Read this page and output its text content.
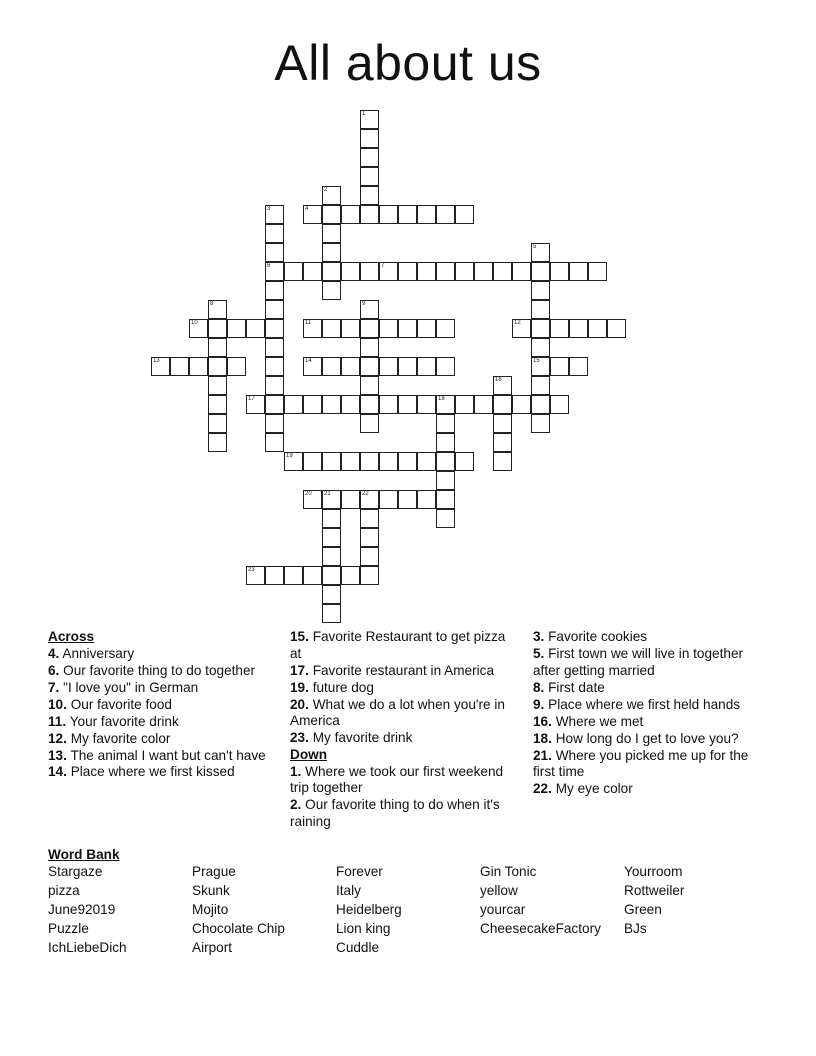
All about us
1
2
3
6
4
5
15
7
8	9
10	11	12
13	14
16
17	18
19
20 21	22
23
Across
4. Anniversary
6. Our favorite thing to do together
7. "I love you" in German
10. Our favorite food
11. Your favorite drink
12. My favorite color
13. The animal I want but can't have
14. Place where we first kissed
15. Favorite Restaurant to get pizza at
17. Favorite restaurant in America
19. future dog
20. What we do a lot when you're in America
23. My favorite drink
Down
1. Where we took our first weekend trip together
2. Our favorite thing to do when it's raining
3. Favorite cookies
5. First town we will live in together after getting married
8. First date
9. Place where we first held hands
16. Where we met
18. How long do I get to love you?
21. Where you picked me up for the first time
22. My eye color
Word Bank
Stargaze
pizza
June92019
Puzzle
IchLiebeDich
Prague
Skunk
Mojito
Chocolate Chip
Airport
Forever
Italy
Heidelberg
Lion king
Cuddle
Gin Tonic
yellow
yourcar
CheesecakeFactory
Yourroom
Rottweiler
Green
BJs
